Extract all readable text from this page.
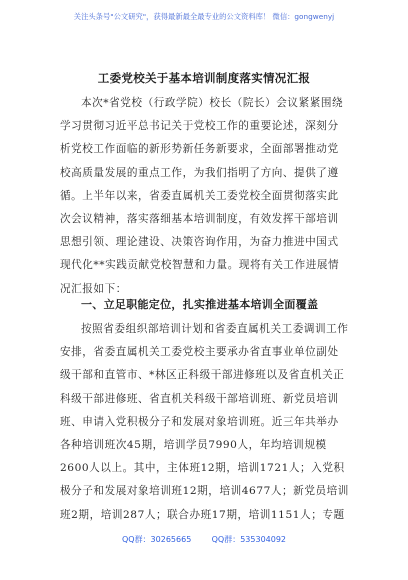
关注头条号"公文研究"，获得最新最全最专业的公文资料库！ 微信：gongwenyj
工委党校关于基本培训制度落实情况汇报
本次*省党校（行政学院）校长（院长）会议紧紧围绕
学习贯彻习近平总书记关于党校工作的重要论述，深刻分
析党校工作面临的新形势新任务新要求，全面部署推动党
校高质量发展的重点工作，为我们指明了方向、提供了遵
循。上半年以来，省委直属机关工委党校全面贯彻落实此
次会议精神，落实落细基本培训制度，有效发挥干部培训
思想引领、理论建设、决策咨询作用，为奋力推进中国式
现代化**实践贡献党校智慧和力量。现将有关工作进展情
况汇报如下：
一、立足职能定位，扎实推进基本培训全面覆盖
按照省委组织部培训计划和省委直属机关工委调训工作
安排，省委直属机关工委党校主要承办省直事业单位副处
级干部和直管市、*林区正科级干部进修班以及省直机关正
科级干部进修班、省直机关科级干部培训班、新党员培训
班、申请入党积极分子和发展对象培训班。近三年共举办
各种培训班次45期，培训学员7990人，年均培训规模
2600人以上。其中，主体班12期，培训1721人；入党积
极分子和发展对象培训班12期，培训4677人；新党员培训
班2期，培训287人；联合办班17期，培训1151人；专题
QQ群：30265665        QQ群：535304092
